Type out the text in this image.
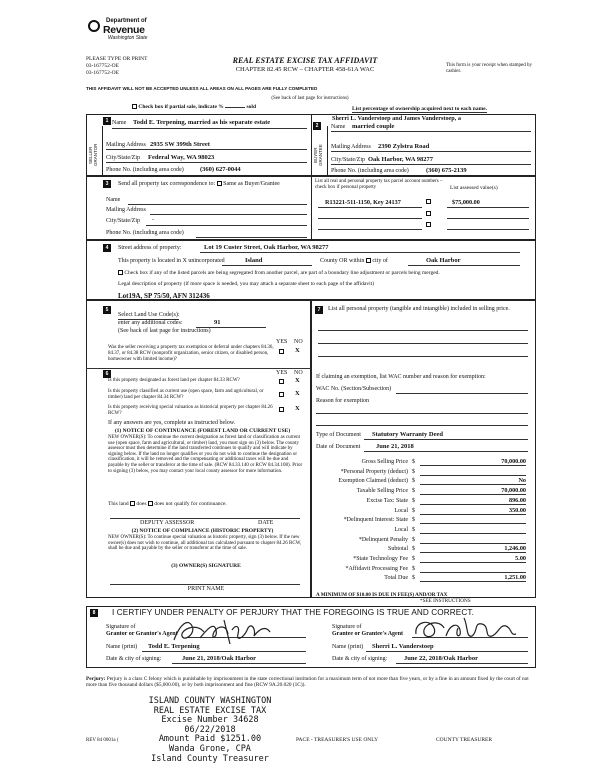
Department of
Revenue
Washington State
PLEASE TYPE OR PRINT
03-167752-OE
03-167752-OE
REAL ESTATE EXCISE TAX AFFIDAVIT
CHAPTER 82.45 RCW – CHAPTER 458-61A WAC
This form is your receipt when stamped by cashier.
THIS AFFIDAVIT WILL NOT BE ACCEPTED UNLESS ALL AREAS ON ALL PAGES ARE FULLY COMPLETED
(See back of last page for instructions)
Check box if partial sale, indicate %	sold	List percentage of ownership acquired next to each name.
1
SELLER GRANTOR
Name Todd E. Terpening, married as his separate estate
Mailing Address 2935 SW 399th Street
City/State/Zip Federal Way, WA 98023
Phone No. (including area code) (360) 627-0044
2
BUYER GRANTEE
Sherri L. Vanderstoep and James Vanderstoep, a
Name married couple
Mailing Address 2390 Zylstra Road
City/State/Zip Oak Harbor, WA 98277
Phone No. (including area code)	(360) 675-2139
3	Send all property tax correspondence to: Same as Buyer/Grantee
Name
Mailing Address
City/State/Zip -
Phone No. (including area code)
List all real and personal property tax parcel account numbers – check box if personal property	List assessed value(s)
R13221-511-1150, Key 24137	$75,000.00
4	Street address of property:	Lot 19 Custer Street, Oak Harbor, WA 98277
This property is located in X unincorporated	Island	County OR within city of	Oak Harbor
Check box if any of the listed parcels are being segregated from another parcel, are part of a boundary line adjustment or parcels being merged.
Legal description of property (if more space is needed, you may attach a separate sheet to each page of the affidavit)
Lot19A, SP 75/50, AFN 312436
5
Select Land Use Code(s):
enter any additional codes:	91
(See back of last page for instructions)
YES NO
Was the seller receiving a property tax exemption or deferral under chapters 84.36, 84.37, or 84.38 RCW (nonprofit organization, senior citizen, or disabled person, homeowner with limited income)?
X
6	YES NO
Is this property designated as forest land per chapter 84.33 RCW?	X
Is this property classified as current use (open space, farm and agricultural, or timber) land per chapter 84.34 RCW?
X
Is this property receiving special valuation as historical property per chapter 84.26 RCW?
X
If any answers are yes, complete as instructed below.
(1) NOTICE OF CONTINUANCE (FOREST LAND OR CURRENT USE)
NEW OWNER(S): To continue the current designation as forest land or classification as current use (open space, farm and agricultural, or timber) land, you must sign on (3) below. The county assessor must then determine if the land transferred continues to qualify and will indicate by signing below. If the land no longer qualifies or you do not wish to continue the designation or classification, it will be removed and the compensating or additional taxes will be due and payable by the seller or transferor at the time of sale. (RCW 84.33.140 or RCW 84.34.108). Prior to signing (3) below, you may contact your local county assessor for more information.
This land does does not qualify for continuance.
DEPUTY ASSESSOR	DATE
(2) NOTICE OF COMPLIANCE (HISTORIC PROPERTY)
NEW OWNER(S): To continue special valuation as historic property, sign (3) below. If the new owner(s) does not wish to continue, all additional tax calculated pursuant to chapter 84.26 RCW, shall be due and payable by the seller or transferor at the time of sale.
(3) OWNER(S) SIGNATURE
PRINT NAME
7	List all personal property (tangible and intangible) included in selling price.
If claiming an exemption, list WAC number and reason for exemption:
WAC No. (Section/Subsection)
Reason for exemption
Type of Document Statutory Warranty Deed
Date of Document June 21, 2018
Gross Selling Price $	70,000.00
*Personal Property (deduct) $
Exemption Claimed (deduct) $	No
Taxable Selling Price $	70,000.00
Excise Tax: State $	896.00
Local $	350.00
*Delinquent Interest: State $
Local $
*Delinquent Penalty $
Subtotal $	1,246.00
*State Technology Fee $	5.00
*Affidavit Processing Fee $
Total Due $	1,251.00
A MINIMUM OF $10.00 IS DUE IN FEE(S) AND/OR TAX
*SEE INSTRUCTIONS
8	I CERTIFY UNDER PENALTY OF PERJURY THAT THE FOREGOING IS TRUE AND CORRECT.
Signature of
Grantor or Grantor's Agent
Name (print) Todd E. Terpening
Date & city of signing:	June 21, 2018/Oak Harbor
Signature of
Grantee or Grantee's Agent
Name (print) Sherri L. Vanderstoep
Date & city of signing:	June 22, 2018/Oak Harbor
Perjury: Perjury is a class C felony which is punishable by imprisonment in the state correctional institution for a maximum term of not more than five years, or by a fine in an amount fixed by the court of not more than five thousand dollars ($5,000.00), or by both imprisonment and fine (RCW 9A.20.020 (1C)).
ISLAND COUNTY WASHINGTON
REAL ESTATE EXCISE TAX
Excise Number 34628
06/22/2018
Amount Paid $1251.00
Wanda Grone, CPA
Island County Treasurer
REV 84 0001a (	PACE - TREASURER'S USE ONLY	COUNTY TREASURER
